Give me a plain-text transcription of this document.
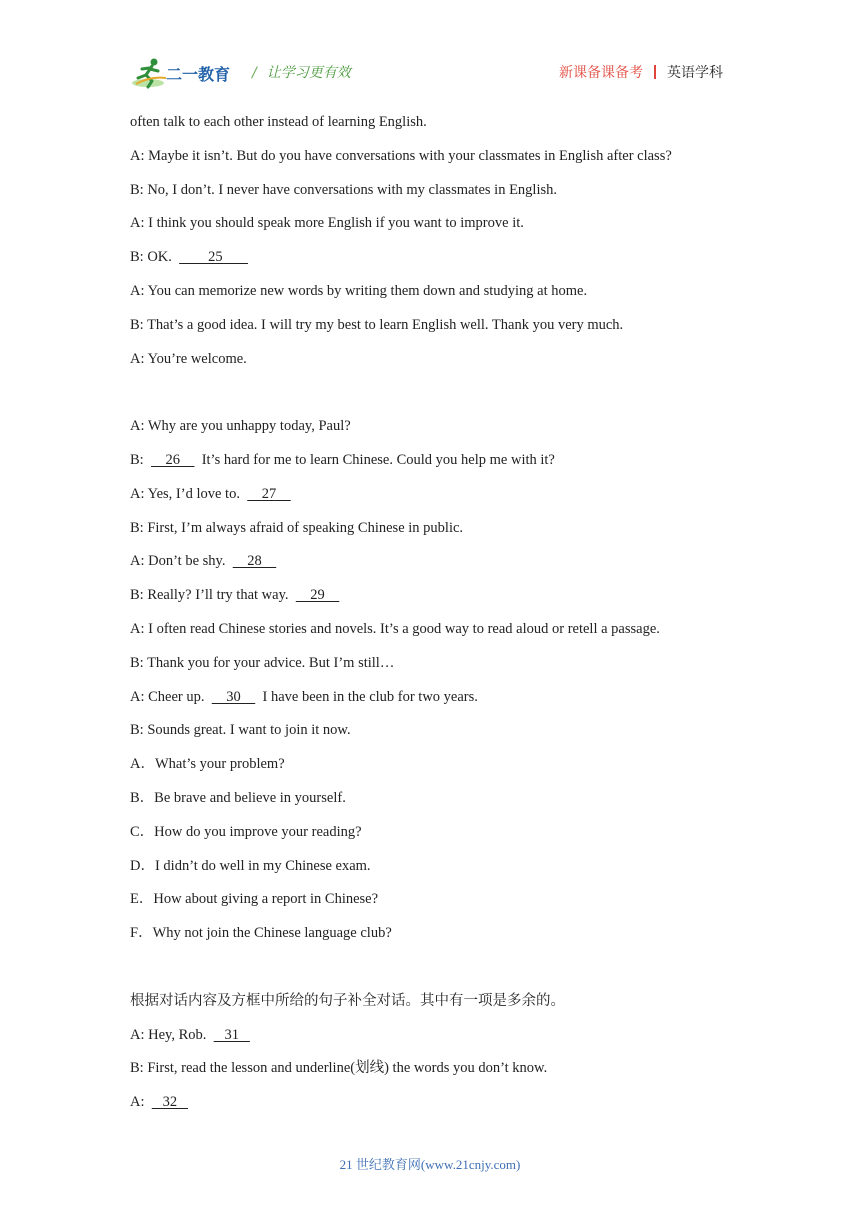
二一教育 / 让学习更有效	新课备课备考 英语学科
often talk to each other instead of learning English.
A: Maybe it isn’t. But do you have conversations with your classmates in English after class?
B: No, I don’t. I never have conversations with my classmates in English.
A: I think you should speak more English if you want to improve it.
B: OK.          25
A: You can memorize new words by writing them down and studying at home.
B: That’s a good idea. I will try my best to learn English well. Thank you very much.
A: You’re welcome.
A: Why are you unhappy today, Paul?
B:      26      It’s hard for me to learn Chinese. Could you help me with it?
A: Yes, I’d love to.      27
B: First, I’m always afraid of speaking Chinese in public.
A: Don’t be shy.      28
B: Really? I’ll try that way.      29
A: I often read Chinese stories and novels. It’s a good way to read aloud or retell a passage.
B: Thank you for your advice. But I’m still…
A: Cheer up.      30      I have been in the club for two years.
B: Sounds great. I want to join it now.
A．What’s your problem?
B．Be brave and believe in yourself.
C．How do you improve your reading?
D．I didn’t do well in my Chinese exam.
E．How about giving a report in Chinese?
F．Why not join the Chinese language club?
根据对话内容及方框中所给的句子补全对话。其中有一项是多余的。
A: Hey, Rob.     31
B: First, read the lesson and underline(划线) the words you don’t know.
A:     32
21 世纪教育网(www.21cnjy.com)
